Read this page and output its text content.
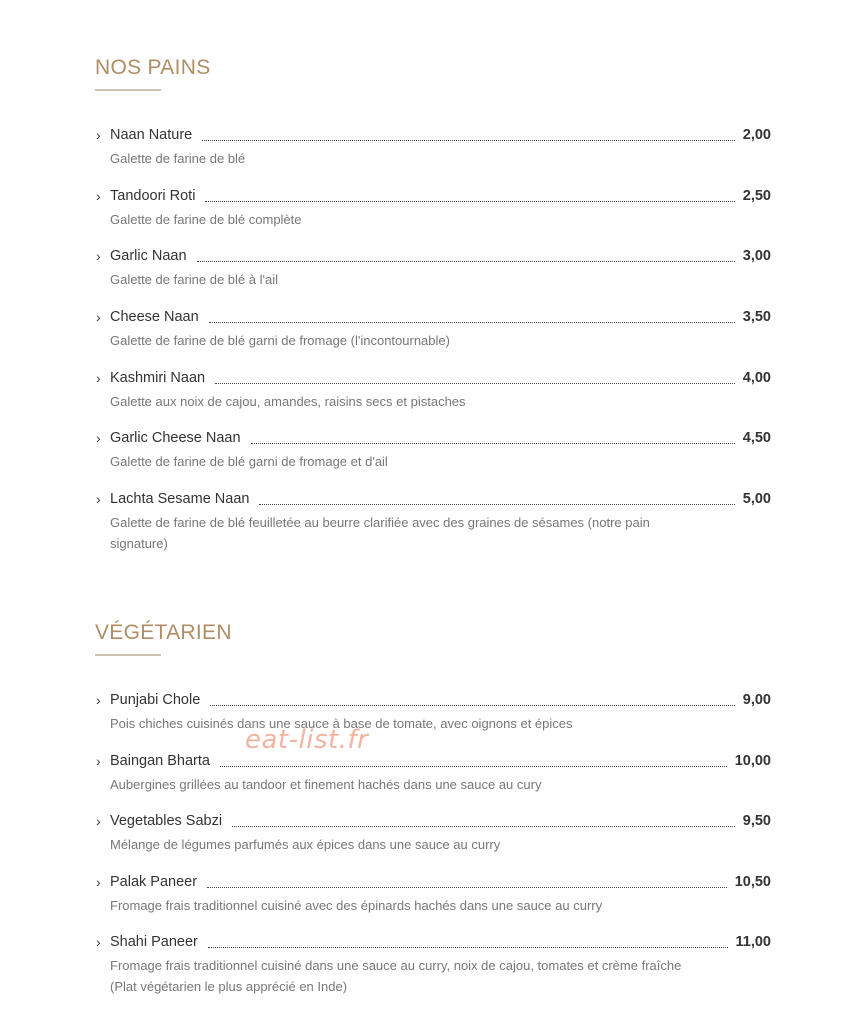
NOS PAINS
› Naan Nature	2,00
Galette de farine de blé
› Tandoori Roti	2,50
Galette de farine de blé complète
› Garlic Naan	3,00
Galette de farine de blé à l'ail
› Cheese Naan	3,50
Galette de farine de blé garni de fromage (l'incontournable)
› Kashmiri Naan	4,00
Galette aux noix de cajou, amandes, raisins secs et pistaches
› Garlic Cheese Naan	4,50
Galette de farine de blé garni de fromage et d'ail
› Lachta Sesame Naan	5,00
Galette de farine de blé feuilletée au beurre clarifiée avec des graines de sésames (notre pain signature)
VÉGÉTARIEN
› Punjabi Chole	9,00
Pois chiches cuisinés dans une sauce à base de tomate, avec oignons et épices
› Baingan Bharta	10,00
Aubergines grillées au tandoor et finement hachés dans une sauce au cury
› Vegetables Sabzi	9,50
Mélange de légumes parfumés aux épices dans une sauce au curry
› Palak Paneer	10,50
Fromage frais traditionnel cuisiné avec des épinards hachés dans une sauce au curry
› Shahi Paneer	11,00
Fromage frais traditionnel cuisiné dans une sauce au curry, noix de cajou, tomates et crème fraîche (Plat végétarien le plus apprécié en Inde)
eat-list.fr
